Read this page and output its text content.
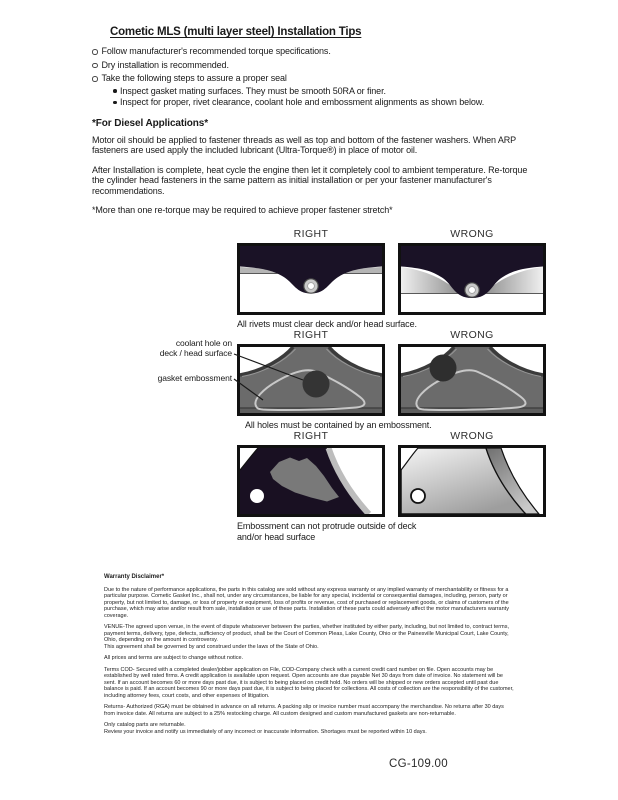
Cometic MLS (multi layer steel) Installation Tips
Follow manufacturer's recommended torque specifications.
Dry installation is recommended.
Take the following steps to assure a proper seal
Inspect gasket mating surfaces. They must be smooth 50RA or finer.
Inspect for proper, rivet clearance, coolant hole and embossment alignments as shown below.
*For Diesel Applications*

Motor oil should be applied to fastener threads as well as top and bottom of the fastener washers. When ARP fasteners are used apply the included lubricant (Ultra-Torque®) in place of motor oil.

After Installation is complete, heat cycle the engine then let it completely cool to ambient temperature. Re-torque the cylinder head fasteners in the same pattern as initial installation or per your fastener manufacturer's recommendations.

*More than one re-torque may be required to achieve proper fastener stretch*

RIGHT	WRONG
All rivets must clear deck and/or head surface.
RIGHT	WRONG
All holes must be contained by an embossment.
coolant hole on
deck / head surface
gasket embossment
RIGHT	WRONG
Embossment can not protrude outside of deck
and/or head surface
Warranty Disclaimer*

Due to the nature of performance applications, the parts in this catalog are sold without any express warranty or any implied warranty of merchantability or fitness for a particular purpose. Cometic Gasket Inc., shall not, under any circumstances, be liable for any special, incidental or consequential damages, including, person, party or property, but not limited to, damage, or loss of property or equipment, loss of profits or revenue, cost of purchased or replacement goods, or claims of customers of the purchase, which may arise and/or result from sale, installation or use of these parts. Installation of these parts could adversely affect the motor manufacturers warranty coverage.

VENUE-The agreed upon venue, in the event of dispute whatsoever between the parties, whether instituted by either party, including, but not limited to, contract terms, payment terms, delivery, type, defects, sufficiency of product, shall be the Court of Common Pleas, Lake County, Ohio or the Painesville Municipal Court, Lake County, Ohio, depending on the amount in controversy.

This agreement shall be governed by and construed under the laws of the State of Ohio.

All prices and terms are subject to change without notice.

Terms COD- Secured with a completed dealer/jobber application on File, COD-Company check with a current credit card number on file. Open accounts may be established by well rated firms. A credit application is available upon request. Open accounts are due payable Net 30 days from date of invoice. No statement will be sent. If an account becomes 60 or more days past due, it is subject to being placed on credit hold. No orders will be shipped or new orders accepted until past due balance is paid. If an account becomes 90 or more days past due, it is subject to being placed for collections. All costs of collection are the responsibility of the customer, including attorney fees, court costs, and other expenses of litigation.

Returns- Authorized (RGA) must be obtained in advance on all returns. A packing slip or invoice number must accompany the merchandise. No returns after 30 days from invoice date. All returns are subject to a 25% restocking charge. All custom designed and custom manufactured gaskets are non-returnable.

Only catalog parts are returnable.

Review your invoice and notify us immediately of any incorrect or inaccurate information. Shortages must be reported within 10 days.

CG-109.00
